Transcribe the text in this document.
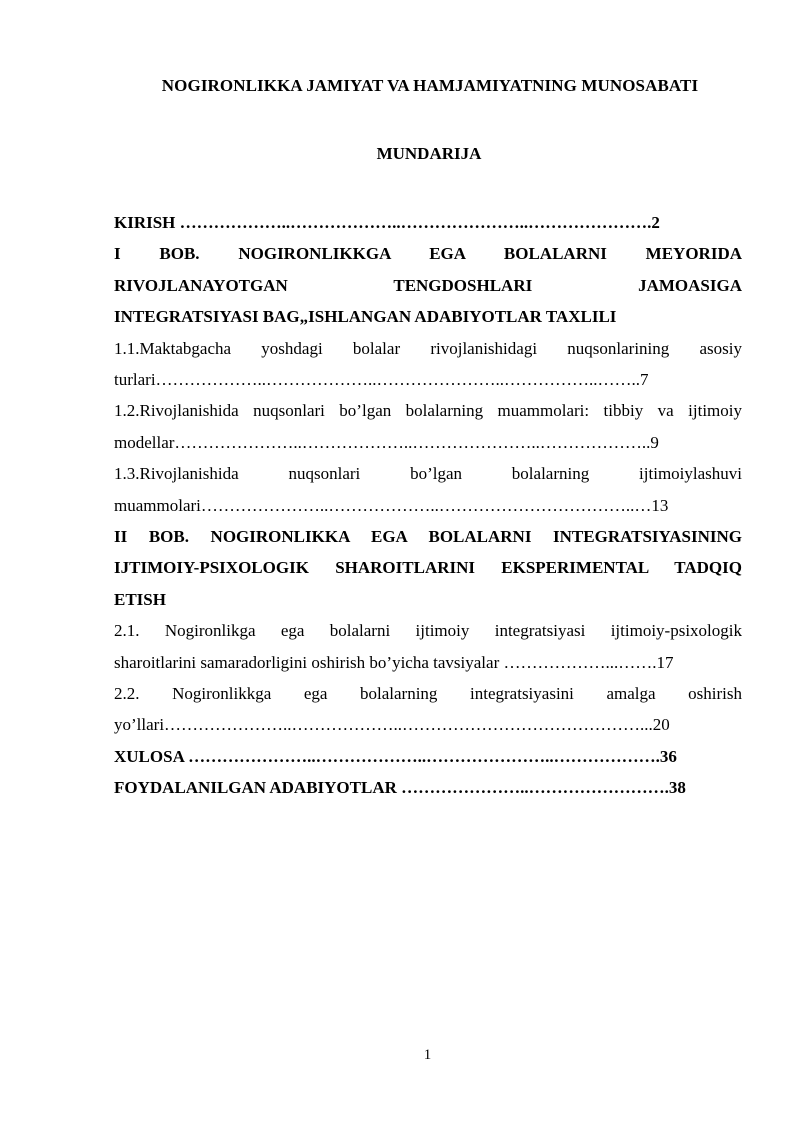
NOGIRONLIKKA JAMIYAT VA HAMJAMIYATNING MUNOSABATI
MUNDARIJA
KIRISH ………………..………………..…………………..………………….2
I BOB. NOGIRONLIKKGA EGA BOLALARNI MEYORIDA
RIVOJLANAYOTGAN TENGDOSHLARI JAMOASIGA
INTEGRATSIYASI BAG„ISHLANGAN ADABIYOTLAR TAXLILI
1.1.Maktabgacha yoshdagi bolalar rivojlanishidagi nuqsonlarining asosiy
turlari………………..………………..…………………..……………..……..7
1.2.Rivojlanishida nuqsonlari bo’lgan bolalarning muammolari: tibbiy va ijtimoiy
modellar…………………..………………..…………………..………………..9
1.3.Rivojlanishida nuqsonlari bo’lgan bolalarning ijtimoiylashuvi
muammolari…………………..………………..……………………………..…13
II BOB. NOGIRONLIKKA EGA BOLALARNI INTEGRATSIYASINING
IJTIMOIY-PSIXOLOGIK SHAROITLARINI EKSPERIMENTAL TADQIQ
ETISH
2.1. Nogironlikga ega bolalarni ijtimoiy integratsiyasi ijtimoiy-psixologik
sharoitlarini samaradorligini oshirish bo’yicha tavsiyalar ………………...…….17
2.2. Nogironlikkga ega bolalarning integratsiyasini amalga oshirish
yo’llari…………………..………………..……………………………………...20
XULOSA …………………..………………..…………………..……………….36
FOYDALANILGAN ADABIYOTLAR …………………..…………………….38
1
